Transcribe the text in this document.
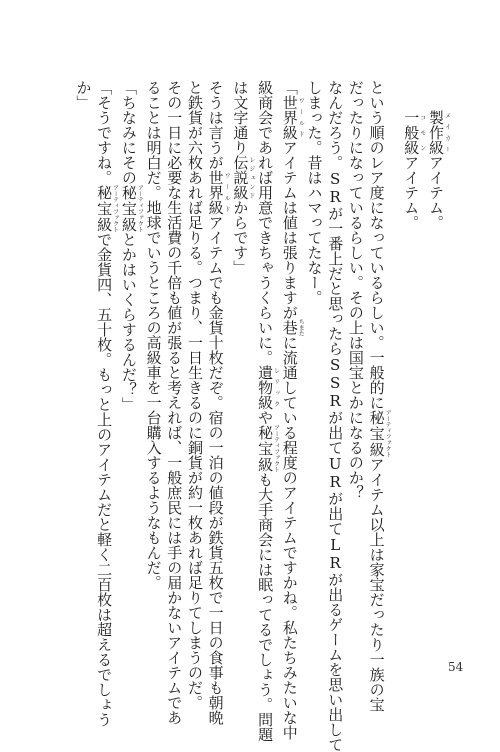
製作級メイカーアイテム。
一般級コモンアイテム。
という順のレア度になっているらしい。一般的に秘宝級アーティファクトアイテム以上は家宝だったり一族の宝
だったりになっているらしい。その上は国宝とかになるのか？
なんだろう。SRが一番上だと思ったらSSRが出てURが出てLRが出るゲームを思い出して
しまった。昔はハマってたなー。
「世界級ワールドアイテムは値は張りますが巷ちまたに流通している程度のアイテムですかね。私たちみたいな中
級商会であれば用意できちゃうくらいに。遺物級レリックや秘宝級アーティファクトも大手商会には眠ってるでしょう。問題
は文字通り伝説級レジェンドからです」
そうは言うが世界級ワールドアイテムでも金貨十枚だぞ。宿の一泊の値段が鉄貨五枚で一日の食事も朝晩
と鉄貨が六枚あれば足りる。つまり、一日生きるのに銅貨が約一枚あれば足りてしまうのだ。
その一日に必要な生活費の千倍も値が張ると考えれば、一般庶民には手の届かないアイテムであ
ることは明白だ。地球でいうところの高級車を一台購入するようなもんだ。
「ちなみにその秘宝級アーティファクトとかはいくらするんだ？」
「そうですね。秘宝級アーティファクトで金貨四、五十枚。もっと上のアイテムだと軽く二百枚は超えるでしょう
か」
54
